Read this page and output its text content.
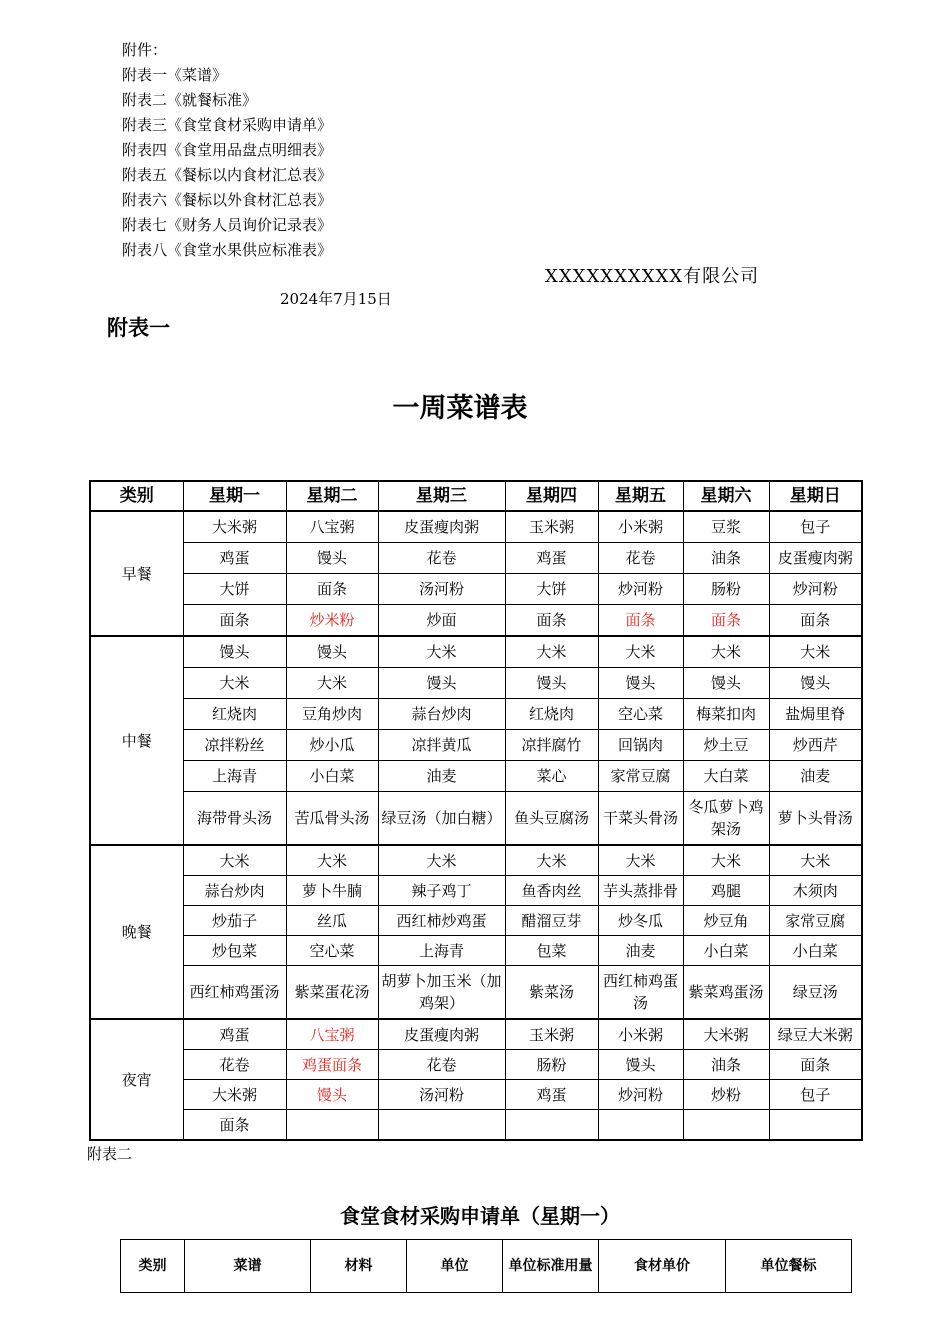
附件：
附表一《菜谱》
附表二《就餐标准》
附表三《食堂食材采购申请单》
附表四《食堂用品盘点明细表》
附表五《餐标以内食材汇总表》
附表六《餐标以外食材汇总表》
附表七《财务人员询价记录表》
附表八《食堂水果供应标准表》
XXXXXXXXXX有限公司
2024年7月15日
附表一
一周菜谱表
类别	星期一	星期二	星期三	星期四	星期五	星期六	星期日
早餐	大米粥	八宝粥	皮蛋瘦肉粥	玉米粥	小米粥	豆浆	包子
	鸡蛋	馒头	花卷	鸡蛋	花卷	油条	皮蛋瘦肉粥
	大饼	面条	汤河粉	大饼	炒河粉	肠粉	炒河粉
	面条	炒米粉	炒面	面条	面条	面条	面条
中餐	馒头	馒头	大米	大米	大米	大米	大米
	大米	大米	馒头	馒头	馒头	馒头	馒头
	红烧肉	豆角炒肉	蒜台炒肉	红烧肉	空心菜	梅菜扣肉	盐焗里脊
	凉拌粉丝	炒小瓜	凉拌黄瓜	凉拌腐竹	回锅肉	炒土豆	炒西芹
	上海青	小白菜	油麦	菜心	家常豆腐	大白菜	油麦
	海带骨头汤	苦瓜骨头汤	绿豆汤（加白糖）	鱼头豆腐汤	干菜头骨汤	冬瓜萝卜鸡架汤	萝卜头骨汤
晚餐	大米	大米	大米	大米	大米	大米	大米
	蒜台炒肉	萝卜牛腩	辣子鸡丁	鱼香肉丝	芋头蒸排骨	鸡腿	木须肉
	炒茄子	丝瓜	西红柿炒鸡蛋	醋溜豆芽	炒冬瓜	炒豆角	家常豆腐
	炒包菜	空心菜	上海青	包菜	油麦	小白菜	小白菜
	西红柿鸡蛋汤	紫菜蛋花汤	胡萝卜加玉米（加鸡架）	紫菜汤	西红柿鸡蛋汤	紫菜鸡蛋汤	绿豆汤
夜宵	鸡蛋	八宝粥	皮蛋瘦肉粥	玉米粥	小米粥	大米粥	绿豆大米粥
	花卷	鸡蛋面条	花卷	肠粉	馒头	油条	面条
	大米粥	馒头	汤河粉	鸡蛋	炒河粉	炒粉	包子
	面条						
附表二
食堂食材采购申请单（星期一）
类别	菜谱	材料	单位	单位标准用量	食材单价	单位餐标
